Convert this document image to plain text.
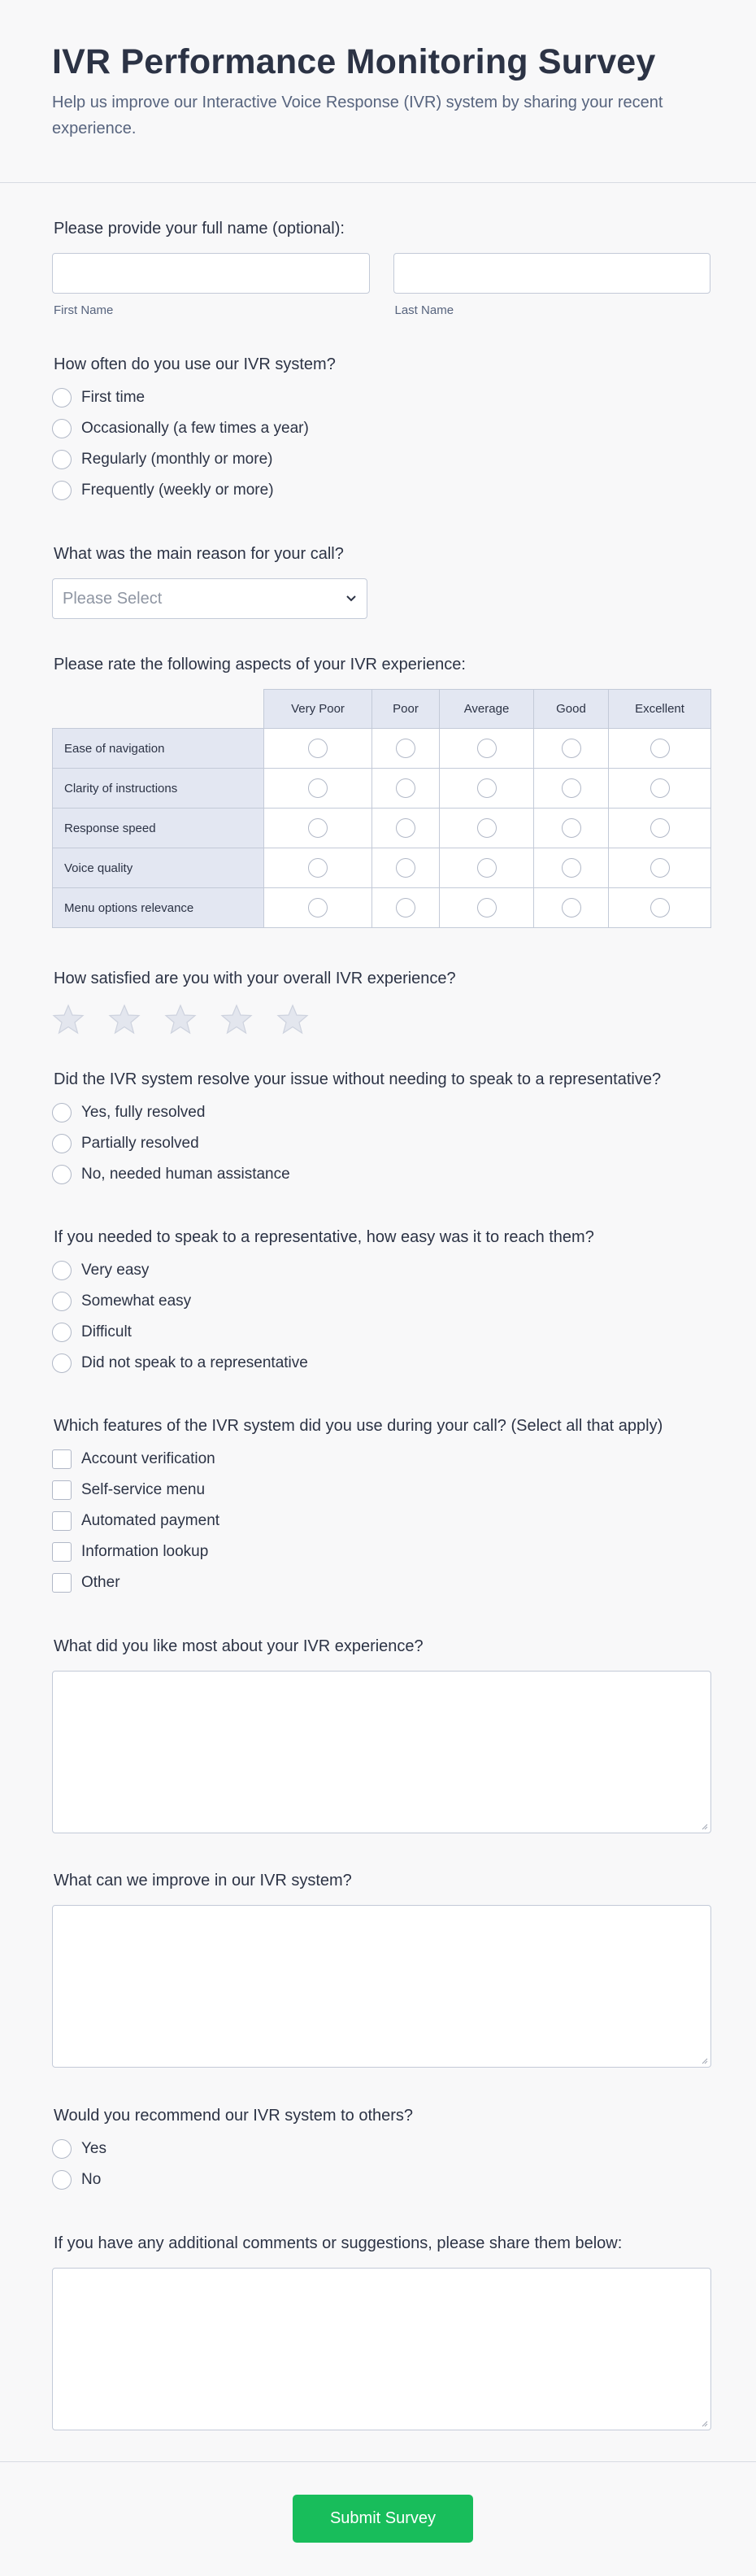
IVR Performance Monitoring Survey
Help us improve our Interactive Voice Response (IVR) system by sharing your recent experience.
Please provide your full name (optional):
First Name	Last Name
How often do you use our IVR system?
First time
Occasionally (a few times a year)
Regularly (monthly or more)
Frequently (weekly or more)
What was the main reason for your call?
Please Select
Please rate the following aspects of your IVR experience:
	Very Poor	Poor	Average	Good	Excellent
Ease of navigation					
Clarity of instructions					
Response speed					
Voice quality					
Menu options relevance					
How satisfied are you with your overall IVR experience?
Did the IVR system resolve your issue without needing to speak to a representative?
Yes, fully resolved
Partially resolved
No, needed human assistance
If you needed to speak to a representative, how easy was it to reach them?
Very easy
Somewhat easy
Difficult
Did not speak to a representative
Which features of the IVR system did you use during your call? (Select all that apply)
Account verification
Self-service menu
Automated payment
Information lookup
Other
What did you like most about your IVR experience?
What can we improve in our IVR system?
Would you recommend our IVR system to others?
Yes
No
If you have any additional comments or suggestions, please share them below:
Submit Survey
